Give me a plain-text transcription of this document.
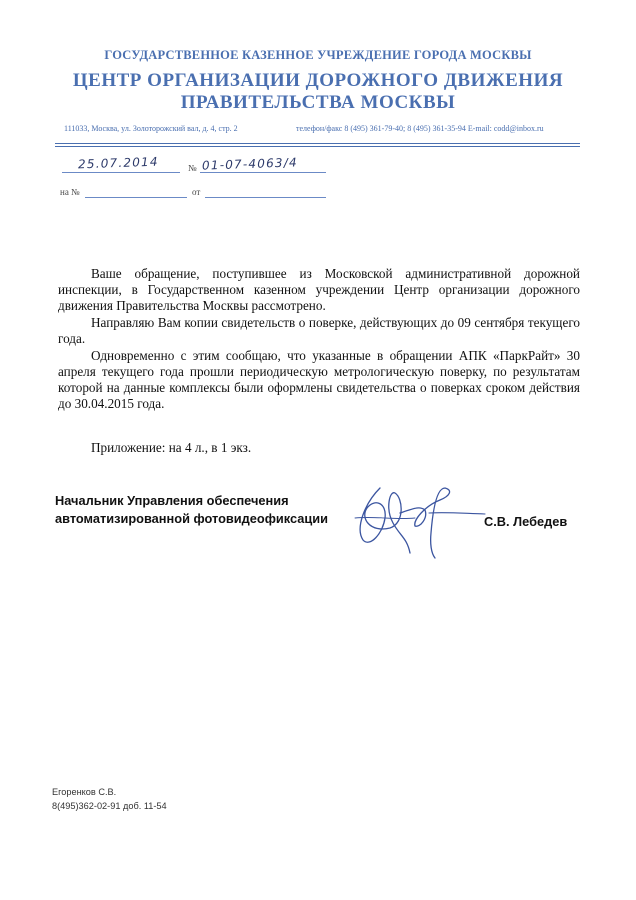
ГОСУДАРСТВЕННОЕ КАЗЕННОЕ УЧРЕЖДЕНИЕ ГОРОДА МОСКВЫ
ЦЕНТР ОРГАНИЗАЦИИ ДОРОЖНОГО ДВИЖЕНИЯ
ПРАВИТЕЛЬСТВА МОСКВЫ
111033, Москва, ул. Золоторожский вал, д. 4, стр. 2	телефон/факс 8 (495) 361-79-40; 8 (495) 361-35-94 E-mail: codd@inbox.ru
25.07.2014	№ 01-07-4063/4
на №	от

Ваше обращение, поступившее из Московской административной дорожной инспекции, в Государственном казенном учреждении Центр организации дорожного движения Правительства Москвы рассмотрено.

Направляю Вам копии свидетельств о поверке, действующих до 09 сентября текущего года.

Одновременно с этим сообщаю, что указанные в обращении АПК «ПаркРайт» 30 апреля текущего года прошли периодическую метрологическую поверку, по результатам которой на данные комплексы были оформлены свидетельства о поверках сроком действия до 30.04.2015 года.

Приложение: на 4 л., в 1 экз.
Начальник Управления обеспечения
автоматизированной фотовидеофиксации	С.В. Лебедев
Егоренков С.В.
8(495)362-02-91 доб. 11-54
